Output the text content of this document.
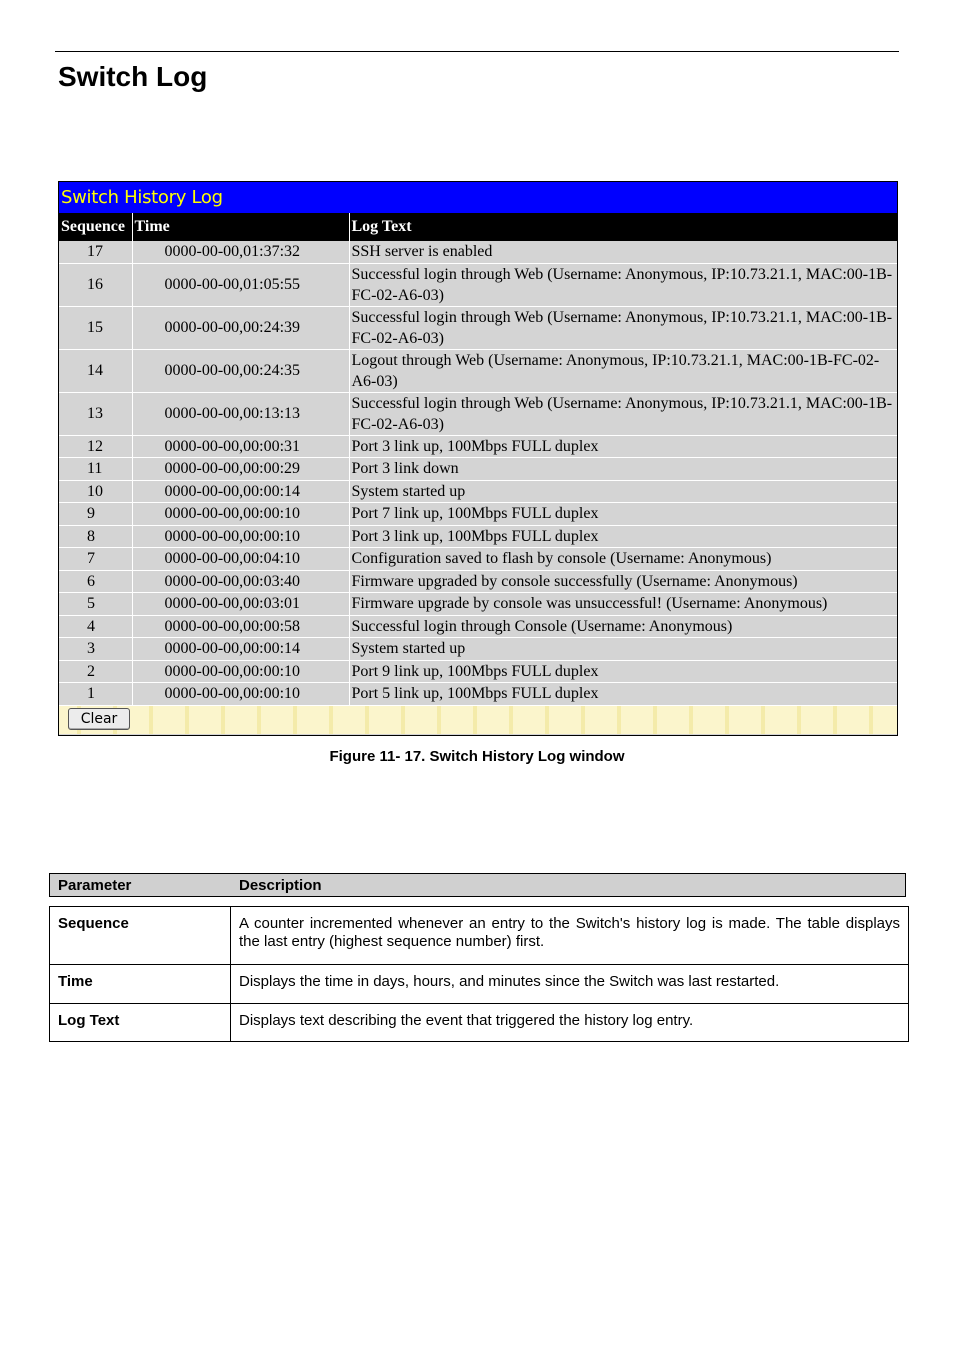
Switch Log
Switch History Log
Sequence	Time	Log Text
17	0000-00-00,01:37:32	SSH server is enabled
16	0000-00-00,01:05:55	Successful login through Web (Username: Anonymous, IP:10.73.21.1, MAC:00-1B-FC-02-A6-03)
15	0000-00-00,00:24:39	Successful login through Web (Username: Anonymous, IP:10.73.21.1, MAC:00-1B-FC-02-A6-03)
14	0000-00-00,00:24:35	Logout through Web (Username: Anonymous, IP:10.73.21.1, MAC:00-1B-FC-02-A6-03)
13	0000-00-00,00:13:13	Successful login through Web (Username: Anonymous, IP:10.73.21.1, MAC:00-1B-FC-02-A6-03)
12	0000-00-00,00:00:31	Port 3 link up, 100Mbps FULL duplex
11	0000-00-00,00:00:29	Port 3 link down
10	0000-00-00,00:00:14	System started up
9	0000-00-00,00:00:10	Port 7 link up, 100Mbps FULL duplex
8	0000-00-00,00:00:10	Port 3 link up, 100Mbps FULL duplex
7	0000-00-00,00:04:10	Configuration saved to flash by console (Username: Anonymous)
6	0000-00-00,00:03:40	Firmware upgraded by console successfully (Username: Anonymous)
5	0000-00-00,00:03:01	Firmware upgrade by console was unsuccessful! (Username: Anonymous)
4	0000-00-00,00:00:58	Successful login through Console (Username: Anonymous)
3	0000-00-00,00:00:14	System started up
2	0000-00-00,00:00:10	Port 9 link up, 100Mbps FULL duplex
1	0000-00-00,00:00:10	Port 5 link up, 100Mbps FULL duplex
Clear
Figure 11- 17. Switch History Log window
Parameter	Description
Sequence	A counter incremented whenever an entry to the Switch's history log is made. The table displays the last entry (highest sequence number) first.
Time	Displays the time in days, hours, and minutes since the Switch was last restarted.
Log Text	Displays text describing the event that triggered the history log entry.
